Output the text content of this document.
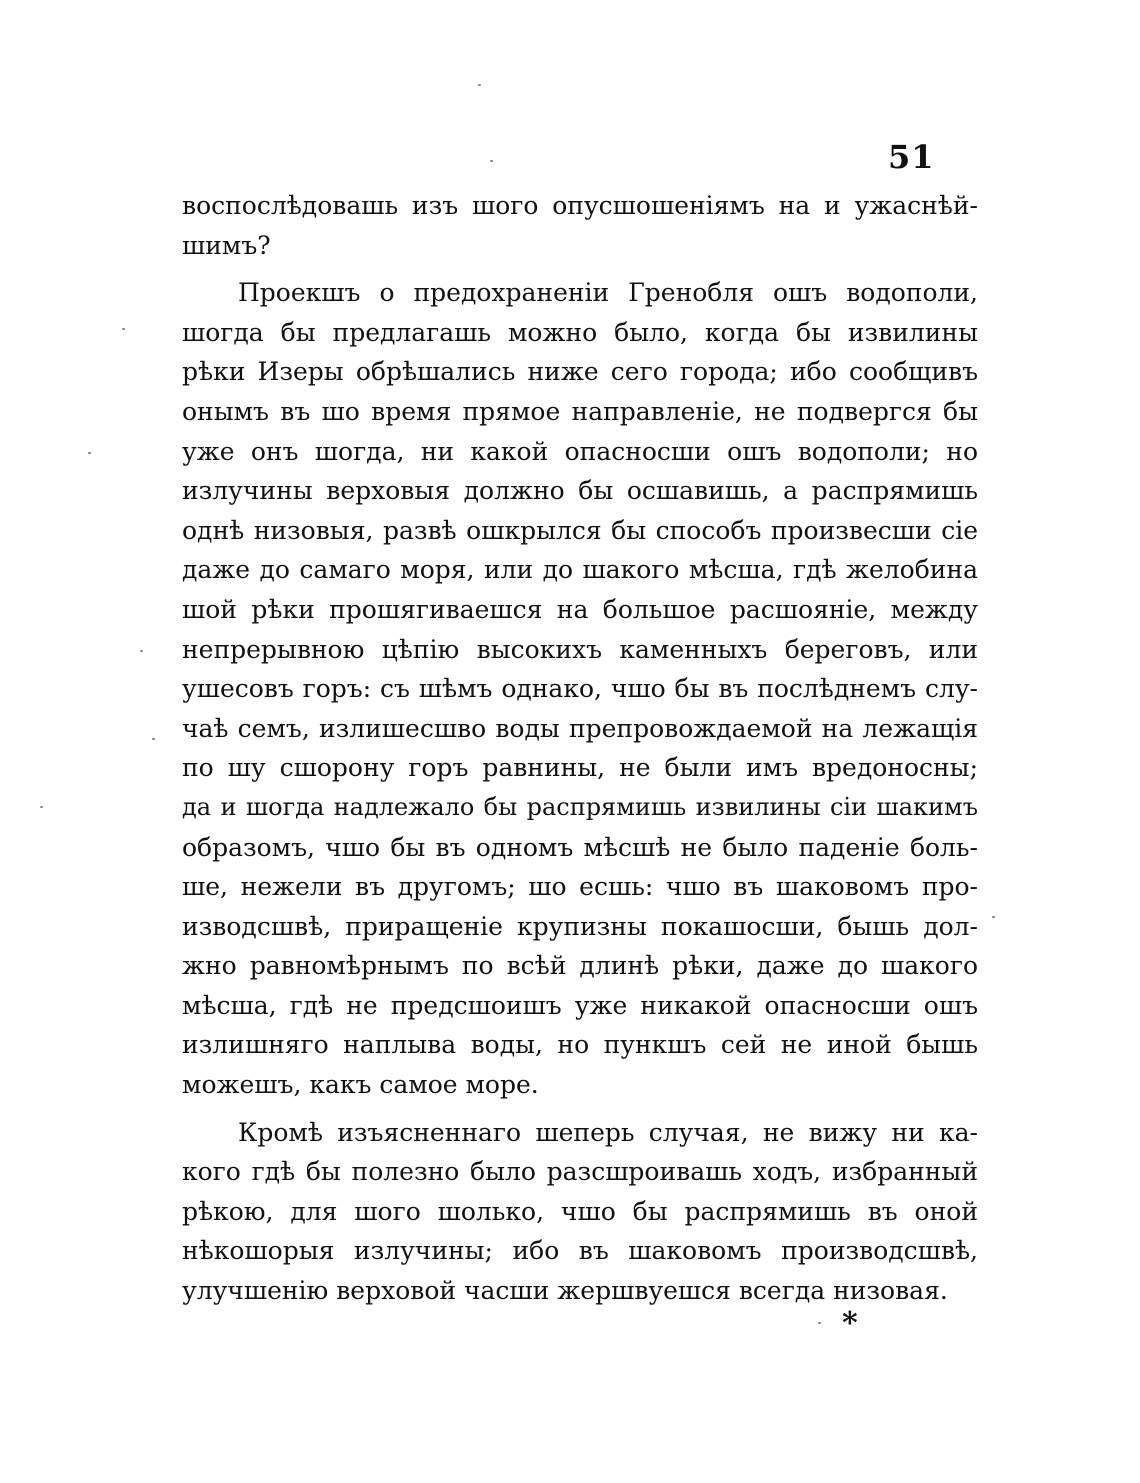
51
воспослѣдовашь изъ шого опусшошенiямъ на и ужаснѣй-
шимъ?
Проекшъ о предохраненiи Гренобля ошъ водополи,
шогда бы предлагашь можно было, когда бы извилины
рѣки Изеры обрѣшались ниже сего города; ибо сообщивъ
онымъ въ шо время прямое направленiе, не подвергся бы
уже онъ шогда, ни какой опасносши ошъ водополи; но
излучины верховыя должно бы осшавишь, а распрямишь
однѣ низовыя, развѣ ошкрылся бы способъ произвесши сiе
даже до самаго моря, или до шакого мѣсша, гдѣ желобина
шой рѣки прошягиваешся на большое расшоянiе, между
непрерывною цѣпiю высокихъ каменныхъ береговъ, или
ушесовъ горъ: съ шѣмъ однако, чшо бы въ послѣднемъ слу-
чаѣ семъ, излишесшво воды препровождаемой на лежащiя
по шу сшорону горъ равнины, не были имъ вредоносны;
да и шогда надлежало бы распрямишь извилины сiи шакимъ
образомъ, чшо бы въ одномъ мѣсшѣ не было паденiе боль-
ше, нежели въ другомъ; шо есшь: чшо въ шаковомъ про-
изводсшвѣ, приращенiе крупизны покашосши, бышь дол-
жно равномѣрнымъ по всѣй длинѣ рѣки, даже до шакого
мѣсша, гдѣ не предсшоишъ уже никакой опасносши ошъ
излишняго наплыва воды, но пункшъ сей не иной бышь
можешъ, какъ самое море.
Кромѣ изъясненнаго шеперь случая, не вижу ни ка-
кого гдѣ бы полезно было разсшроивашь ходъ, избранный
рѣкою, для шого шолько, чшо бы распрямишь въ оной
нѣкошорыя излучины; ибо въ шаковомъ производсшвѣ,
улучшенiю верховой часши жершвуешся всегда низовая.
*
